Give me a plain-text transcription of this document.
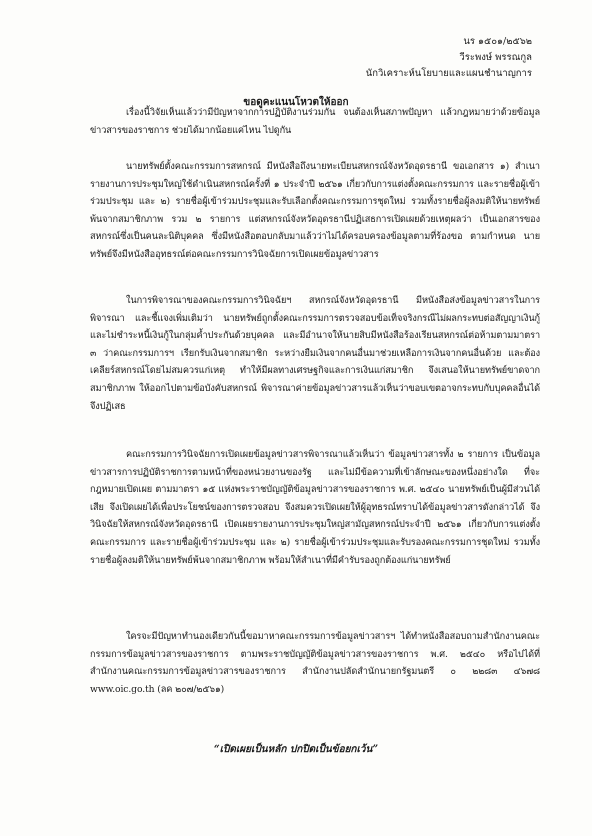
นร ๑๕๐๑/๒๕๖๒
วีระพงษ์ พรรณกูล
นักวิเคราะห์นโยบายและแผนชำนาญการ
ขอดูคะแนนโหวตให้ออก

เรื่องนี้วิจัยเห็นแล้วว่ามีปัญหาจากการปฏิบัติงานร่วมกัน จนต้องเห็นสภาพปัญหา แล้วกฎหมายว่าด้วยข้อมูลข่าวสารของราชการ ช่วยได้มากน้อยแค่ไหน ไปดูกัน

นายทรัพย์ตั้งคณะกรรมการสหกรณ์ มีหนังสือถึงนายทะเบียนสหกรณ์จังหวัดอุดรธานี ขอเอกสาร ๑) สำเนารายงานการประชุมใหญ่ใช้ดำเนินสหกรณ์ครั้งที่ ๑ ประจำปี ๒๕๖๑ เกี่ยวกับการแต่งตั้งคณะกรรมการ และรายชื่อผู้เข้าร่วมประชุม และ ๒) รายชื่อผู้เข้าร่วมประชุมและรับเลือกตั้งคณะกรรมการชุดใหม่ รวมทั้งรายชื่อผู้ลงมติให้นายทรัพย์พ้นจากสมาชิกภาพ รวม ๒ รายการ แต่สหกรณ์จังหวัดอุดรธานีปฏิเสธการเปิดเผยด้วยเหตุผลว่า เป็นเอกสารของสหกรณ์ซึ่งเป็นคนละนิติบุคคล ซึ่งมีหนังสือตอบกลับมาแล้วว่าไม่ได้ครอบครองข้อมูลตามที่ร้องขอ ตามกำหนด นายทรัพย์จึงมีหนังสืออุทธรณ์ต่อคณะกรรมการวินิจฉัยการเปิดเผยข้อมูลข่าวสาร

ในการพิจารณาของคณะกรรมการวินิจฉัยฯ สหกรณ์จังหวัดอุดรธานี มีหนังสือส่งข้อมูลข่าวสารในการพิจารณา และชี้แจงเพิ่มเติมว่า นายทรัพย์ถูกตั้งคณะกรรมการตรวจสอบข้อเท็จจริงกรณีไม่ผลกระทบต่อสัญญาเงินกู้ และไม่ชำระหนี้เงินกู้ในกลุ่มค้ำประกันด้วยบุคคล และมีอำนาจให้นายสิบมีหนังสือร้องเรียนสหกรณ์ต่อห้ามตามมาตรา ๓ ว่าคณะกรรมการฯ เรียกรับเงินจากสมาชิก ระหว่างยืมเงินจากคนอื่นมาช่วยเหลือการเงินจากคนอื่นด้วย และต้องเคลียร์สหกรณ์โดยไม่สมควรแก่เหตุ ทำให้มีผลทางเศรษฐกิจและการเงินแก่สมาชิก จึงเสนอให้นายทรัพย์ขาดจากสมาชิกภาพ ให้ออกไปตามข้อบังคับสหกรณ์ พิจารณาค่ายข้อมูลข่าวสารแล้วเห็นว่าขอบเขตอาจกระทบกับบุคคลอื่นได้ จึงปฏิเสธ

คณะกรรมการวินิจฉัยการเปิดเผยข้อมูลข่าวสารพิจารณาแล้วเห็นว่า ข้อมูลข่าวสารทั้ง ๒ รายการ เป็นข้อมูลข่าวสารการปฏิบัติราชการตามหน้าที่ของหน่วยงานของรัฐ และไม่มีข้อความที่เข้าลักษณะของหนึ่งอย่างใด ที่จะกฎหมายเปิดเผย ตามมาตรา ๑๕ แห่งพระราชบัญญัติข้อมูลข่าวสารของราชการ พ.ศ. ๒๕๔๐ นายทรัพย์เป็นผู้มีส่วนได้เสีย จึงเปิดเผยได้เพื่อประโยชน์ของการตรวจสอบ จึงสมควรเปิดเผยให้ผู้อุทธรณ์ทราบได้ข้อมูลข่าวสารดังกล่าวได้ จึงวินิจฉัยให้สหกรณ์จังหวัดอุดรธานี เปิดเผยรายงานการประชุมใหญ่สามัญสหกรณ์ประจำปี ๒๕๖๑ เกี่ยวกับการแต่งตั้งคณะกรรมการ และรายชื่อผู้เข้าร่วมประชุม และ ๒) รายชื่อผู้เข้าร่วมประชุมและรับรองคณะกรรมการชุดใหม่ รวมทั้งรายชื่อผู้ลงมติให้นายทรัพย์พ้นจากสมาชิกภาพ พร้อมให้สำเนาที่มีคำรับรองถูกต้องแก่นายทรัพย์

ใครจะมีปัญหาทำนองเดียวกันนี้ขอมาหาคณะกรรมการข้อมูลข่าวสารฯ ได้ทำหนังสือสอบถามสำนักงานคณะกรรมการข้อมูลข่าวสารของราชการ ตามพระราชบัญญัติข้อมูลข่าวสารของราชการ พ.ศ. ๒๕๔๐ หรือไปได้ที่สำนักงานคณะกรรมการข้อมูลข่าวสารของราชการ สำนักงานปลัดสำนักนายกรัฐมนตรี ๐ ๒๒๘๓ ๔๖๗๘ www.oic.go.th (ลค ๒๐๗/๒๕๖๑)

“เปิดเผยเป็นหลัก ปกปิดเป็นข้อยกเว้น”
